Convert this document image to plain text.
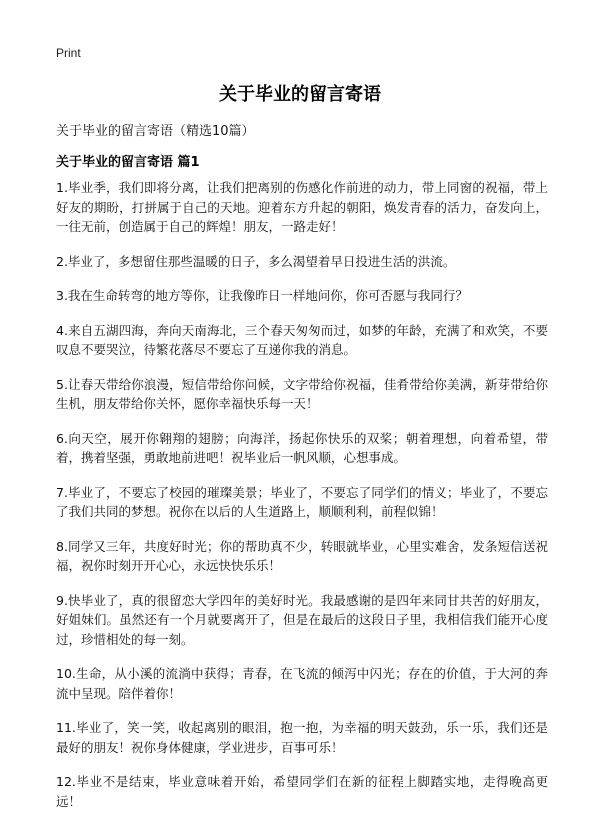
Print
关于毕业的留言寄语

关于毕业的留言寄语（精选10篇）

关于毕业的留言寄语 篇1

1.毕业季，我们即将分离，让我们把离别的伤感化作前进的动力，带上同窗的祝福，带上好友的期盼，打拼属于自己的天地。迎着东方升起的朝阳，焕发青春的活力，奋发向上，一往无前，创造属于自己的辉煌！朋友，一路走好！

2.毕业了，多想留住那些温暖的日子，多么渴望着早日投进生活的洪流。

3.我在生命转弯的地方等你，让我像昨日一样地问你，你可否愿与我同行？

4.来自五湖四海，奔向天南海北，三个春天匆匆而过，如梦的年龄，充满了和欢笑，不要叹息不要哭泣，待繁花落尽不要忘了互递你我的消息。

5.让春天带给你浪漫，短信带给你问候，文字带给你祝福，佳肴带给你美满，新芽带给你生机，朋友带给你关怀，愿你幸福快乐每一天！

6.向天空，展开你翱翔的翅膀；向海洋，扬起你快乐的双桨；朝着理想，向着希望，带着，携着坚强，勇敢地前进吧！祝毕业后一帆风顺，心想事成。

7.毕业了，不要忘了校园的璀璨美景；毕业了，不要忘了同学们的情义；毕业了，不要忘了我们共同的梦想。祝你在以后的人生道路上，顺顺利利，前程似锦！

8.同学又三年，共度好时光；你的帮助真不少，转眼就毕业，心里实难舍，发条短信送祝福，祝你时刻开开心心，永远快快乐乐！

9.快毕业了，真的很留恋大学四年的美好时光。我最感谢的是四年来同甘共苦的好朋友，好姐妹们。虽然还有一个月就要离开了，但是在最后的这段日子里，我相信我们能开心度过，珍惜相处的每一刻。

10.生命，从小溪的流淌中获得；青春，在飞流的倾泻中闪光；存在的价值，于大河的奔流中呈现。陪伴着你！

11.毕业了，笑一笑，收起离别的眼泪，抱一抱，为幸福的明天鼓劲，乐一乐，我们还是最好的朋友！祝你身体健康，学业进步，百事可乐！

12.毕业不是结束，毕业意味着开始，希望同学们在新的征程上脚踏实地，走得晚高更远！
